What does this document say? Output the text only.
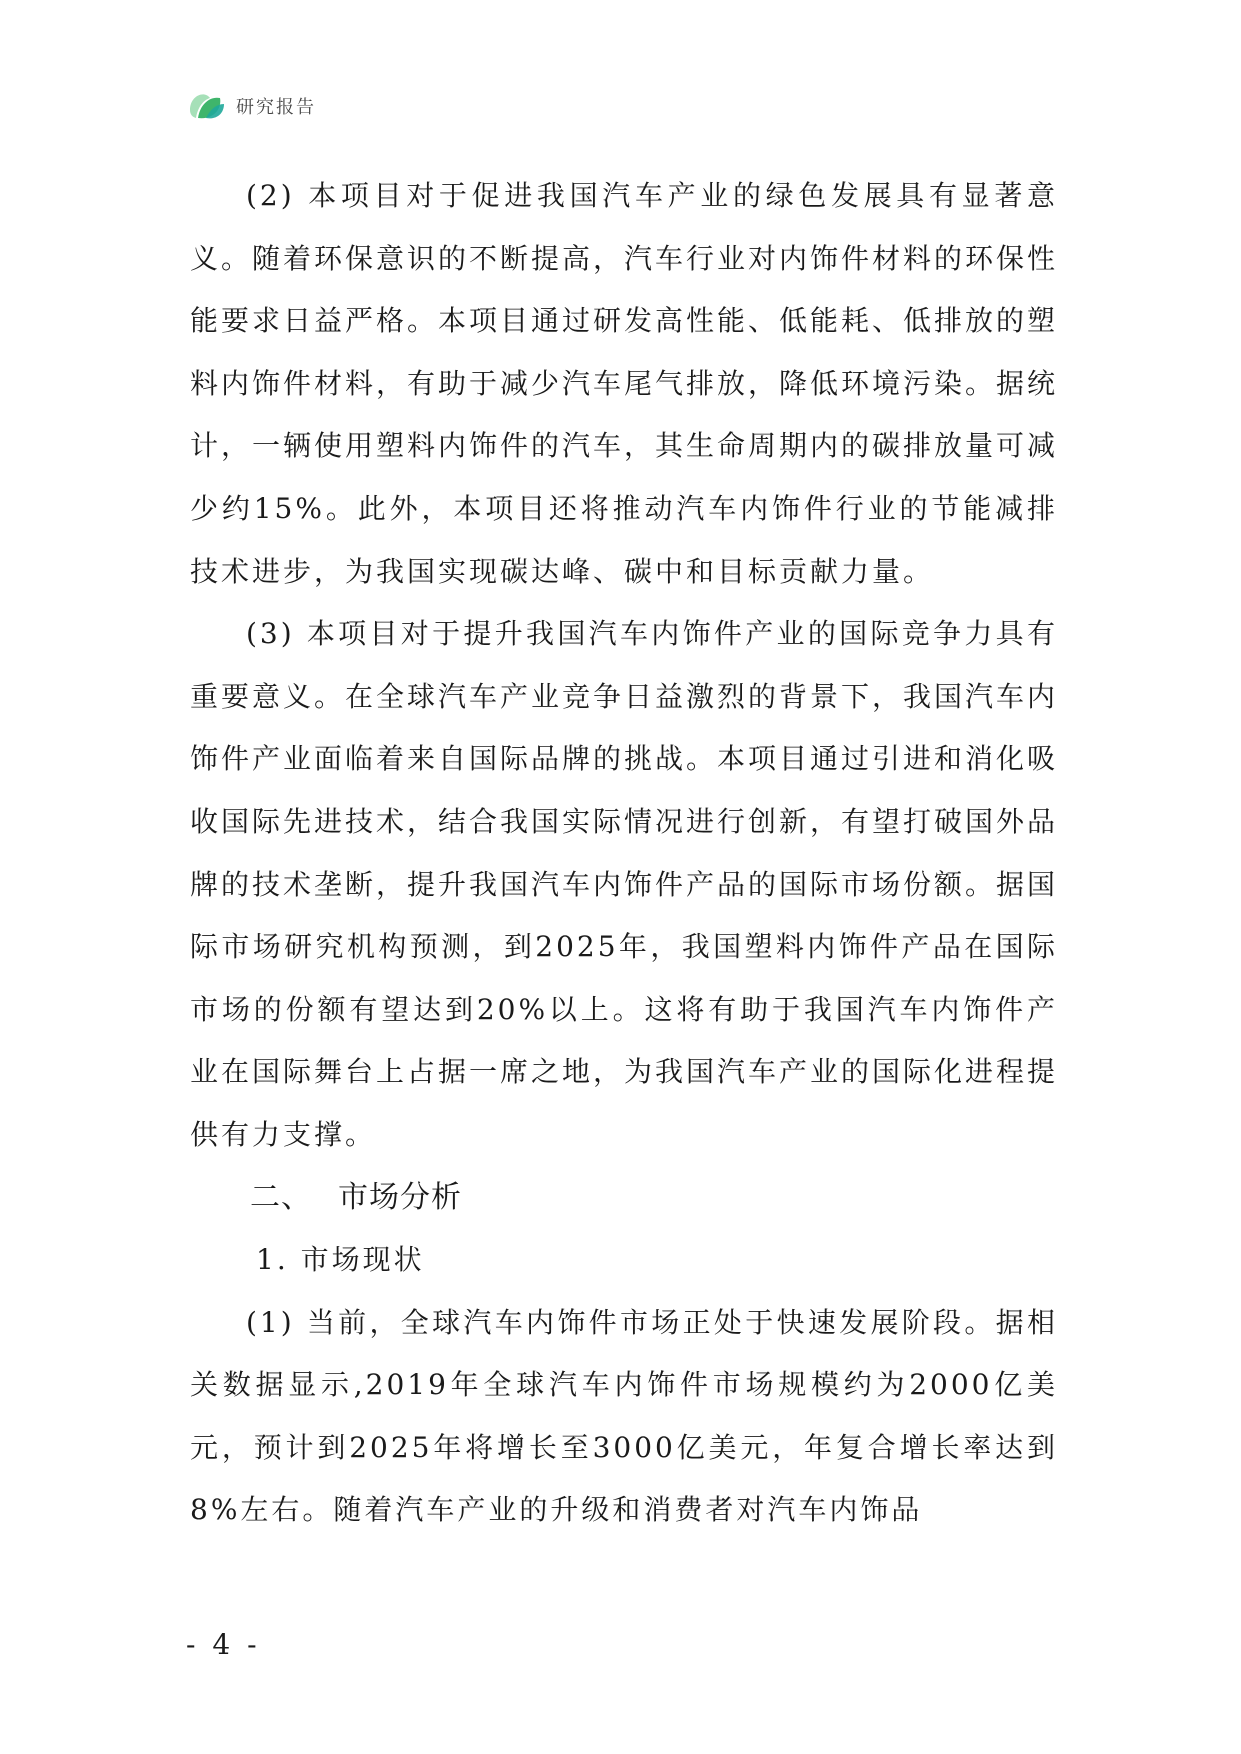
研究报告

(2) 本项目对于促进我国汽车产业的绿色发展具有显著意义。随着环保意识的不断提高，汽车行业对内饰件材料的环保性能要求日益严格。本项目通过研发高性能、低能耗、低排放的塑料内饰件材料，有助于减少汽车尾气排放，降低环境污染。据统计，一辆使用塑料内饰件的汽车，其生命周期内的碳排放量可减少约15%。此外，本项目还将推动汽车内饰件行业的节能减排技术进步，为我国实现碳达峰、碳中和目标贡献力量。

(3) 本项目对于提升我国汽车内饰件产业的国际竞争力具有重要意义。在全球汽车产业竞争日益激烈的背景下，我国汽车内饰件产业面临着来自国际品牌的挑战。本项目通过引进和消化吸收国际先进技术，结合我国实际情况进行创新，有望打破国外品牌的技术垄断，提升我国汽车内饰件产品的国际市场份额。据国际市场研究机构预测，到2025年，我国塑料内饰件产品在国际市场的份额有望达到20%以上。这将有助于我国汽车内饰件产业在国际舞台上占据一席之地，为我国汽车产业的国际化进程提供有力支撑。

二、 市场分析

1. 市场现状

(1) 当前，全球汽车内饰件市场正处于快速发展阶段。据相关数据显示,2019年全球汽车内饰件市场规模约为2000亿美元，预计到2025年将增长至3000亿美元，年复合增长率达到8%左右。随着汽车产业的升级和消费者对汽车内饰品

- 4 -
